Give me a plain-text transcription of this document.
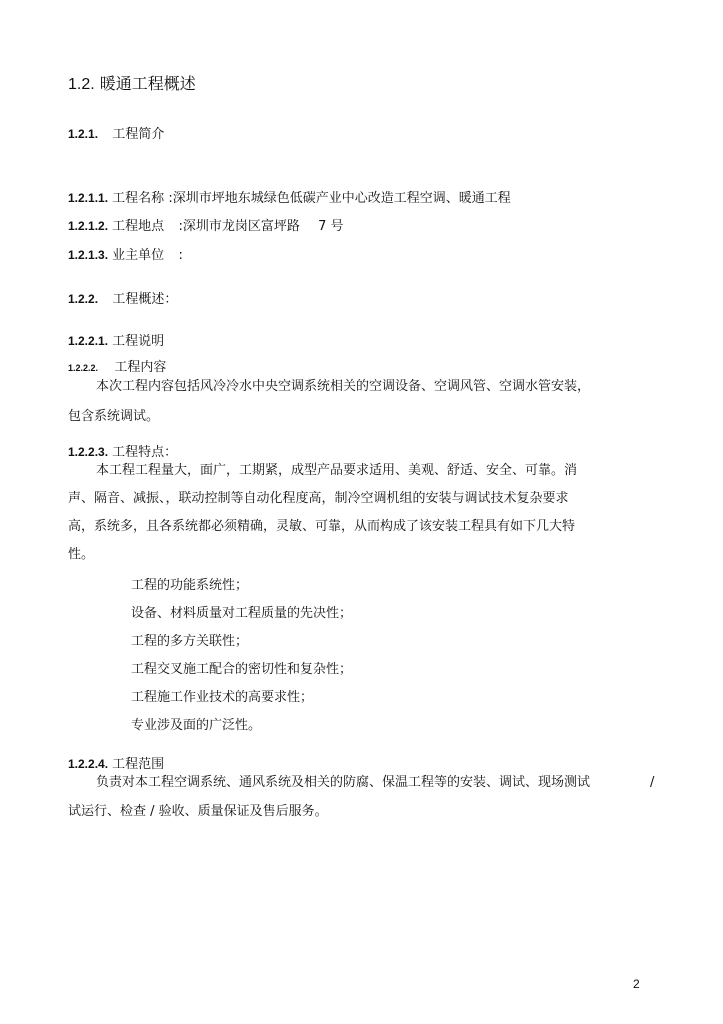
1.2. 暖通工程概述
1.2.1. 工程简介
1.2.1.1. 工程名称 :深圳市坪地东城绿色低碳产业中心改造工程空调、暖通工程
1.2.1.2. 工程地点 :深圳市龙岗区富坪路 7 号
1.2.1.3. 业主单位 :
1.2.2. 工程概述：
1.2.2.1. 工程说明
1.2.2.2. 工程内容
本次工程内容包括风冷冷水中央空调系统相关的空调设备、空调风管、空调水管安装，
包含系统调试。
1.2.2.3. 工程特点：
本工程工程量大，面广，工期紧，成型产品要求适用、美观、舒适、安全、可靠。消
声、隔音、减振、，联动控制等自动化程度高，制冷空调机组的安装与调试技术复杂要求
高，系统多，且各系统都必须精确，灵敏、可靠，从而构成了该安装工程具有如下几大特
性。
工程的功能系统性；
设备、材料质量对工程质量的先决性；
工程的多方关联性；
工程交叉施工配合的密切性和复杂性；
工程施工作业技术的高要求性；
专业涉及面的广泛性。
1.2.2.4. 工程范围
负责对本工程空调系统、通风系统及相关的防腐、保温工程等的安装、调试、现场测试	/
试运行、检查 / 验收、质量保证及售后服务。
2
